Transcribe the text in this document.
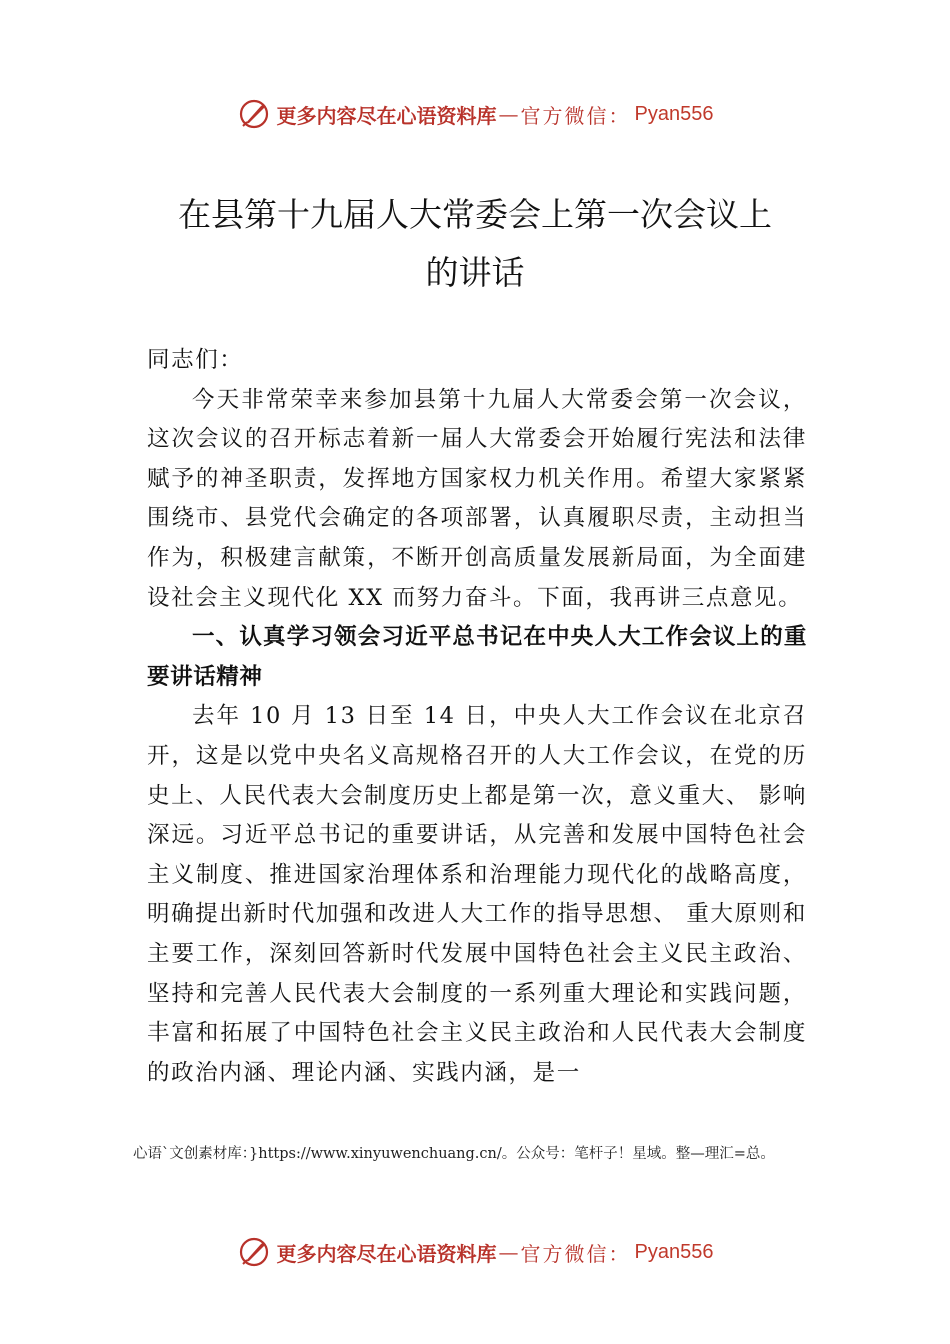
更多内容尽在心语资料库 — 官方微信： Pyan556
在县第十九届人大常委会上第一次会议上
的讲话

同志们：

今天非常荣幸来参加县第十九届人大常委会第一次会议，这次会议的召开标志着新一届人大常委会开始履行宪法和法律赋予的神圣职责，发挥地方国家权力机关作用。希望大家紧紧围绕市、县党代会确定的各项部署，认真履职尽责，主动担当作为，积极建言献策，不断开创高质量发展新局面，为全面建设社会主义现代化 XX 而努力奋斗。下面，我再讲三点意见。

一、认真学习领会习近平总书记在中央人大工作会议上的重要讲话精神

去年 10 月 13 日至 14 日，中央人大工作会议在北京召开，这是以党中央名义高规格召开的人大工作会议，在党的历史上、人民代表大会制度历史上都是第一次，意义重大、 影响深远。习近平总书记的重要讲话，从完善和发展中国特色社会主义制度、推进国家治理体系和治理能力现代化的战略高度，明确提出新时代加强和改进人大工作的指导思想、 重大原则和主要工作，深刻回答新时代发展中国特色社会主义民主政治、坚持和完善人民代表大会制度的一系列重大理论和实践问题，丰富和拓展了中国特色社会主义民主政治和人民代表大会制度的政治内涵、理论内涵、实践内涵，是一

心语`文创素材库：}https://www.xinyuwenchuang.cn/。公众号：笔杆子！星域。整—理汇=总。
更多内容尽在心语资料库 — 官方微信： Pyan556
